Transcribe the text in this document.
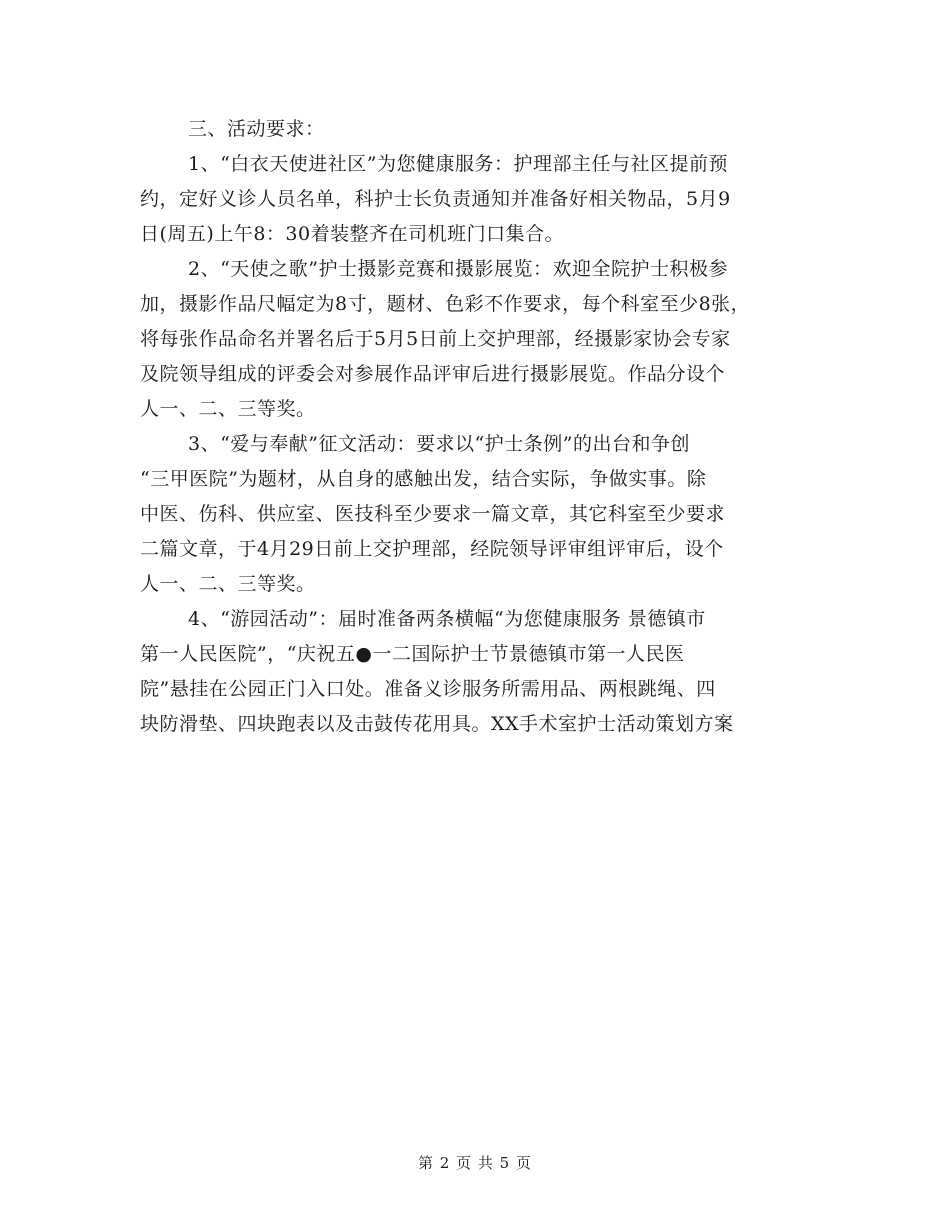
三、活动要求：
1、“白衣天使进社区”为您健康服务：护理部主任与社区提前预
约，定好义诊人员名单，科护士长负责通知并准备好相关物品，5月9
日(周五)上午8：30着装整齐在司机班门口集合。
2、“天使之歌”护士摄影竞赛和摄影展览：欢迎全院护士积极参
加，摄影作品尺幅定为8寸，题材、色彩不作要求，每个科室至少8张，
将每张作品命名并署名后于5月5日前上交护理部，经摄影家协会专家
及院领导组成的评委会对参展作品评审后进行摄影展览。作品分设个
人一、二、三等奖。
3、“爱与奉献”征文活动：要求以“护士条例”的出台和争创
“三甲医院”为题材，从自身的感触出发，结合实际，争做实事。除
中医、伤科、供应室、医技科至少要求一篇文章，其它科室至少要求
二篇文章，于4月29日前上交护理部，经院领导评审组评审后，设个
人一、二、三等奖。
4、“游园活动”：届时准备两条横幅“为您健康服务 景德镇市
第一人民医院”，“庆祝五●一二国际护士节景德镇市第一人民医
院”悬挂在公园正门入口处。准备义诊服务所需用品、两根跳绳、四
块防滑垫、四块跑表以及击鼓传花用具。XX手术室护士活动策划方案
第 2 页 共 5 页
